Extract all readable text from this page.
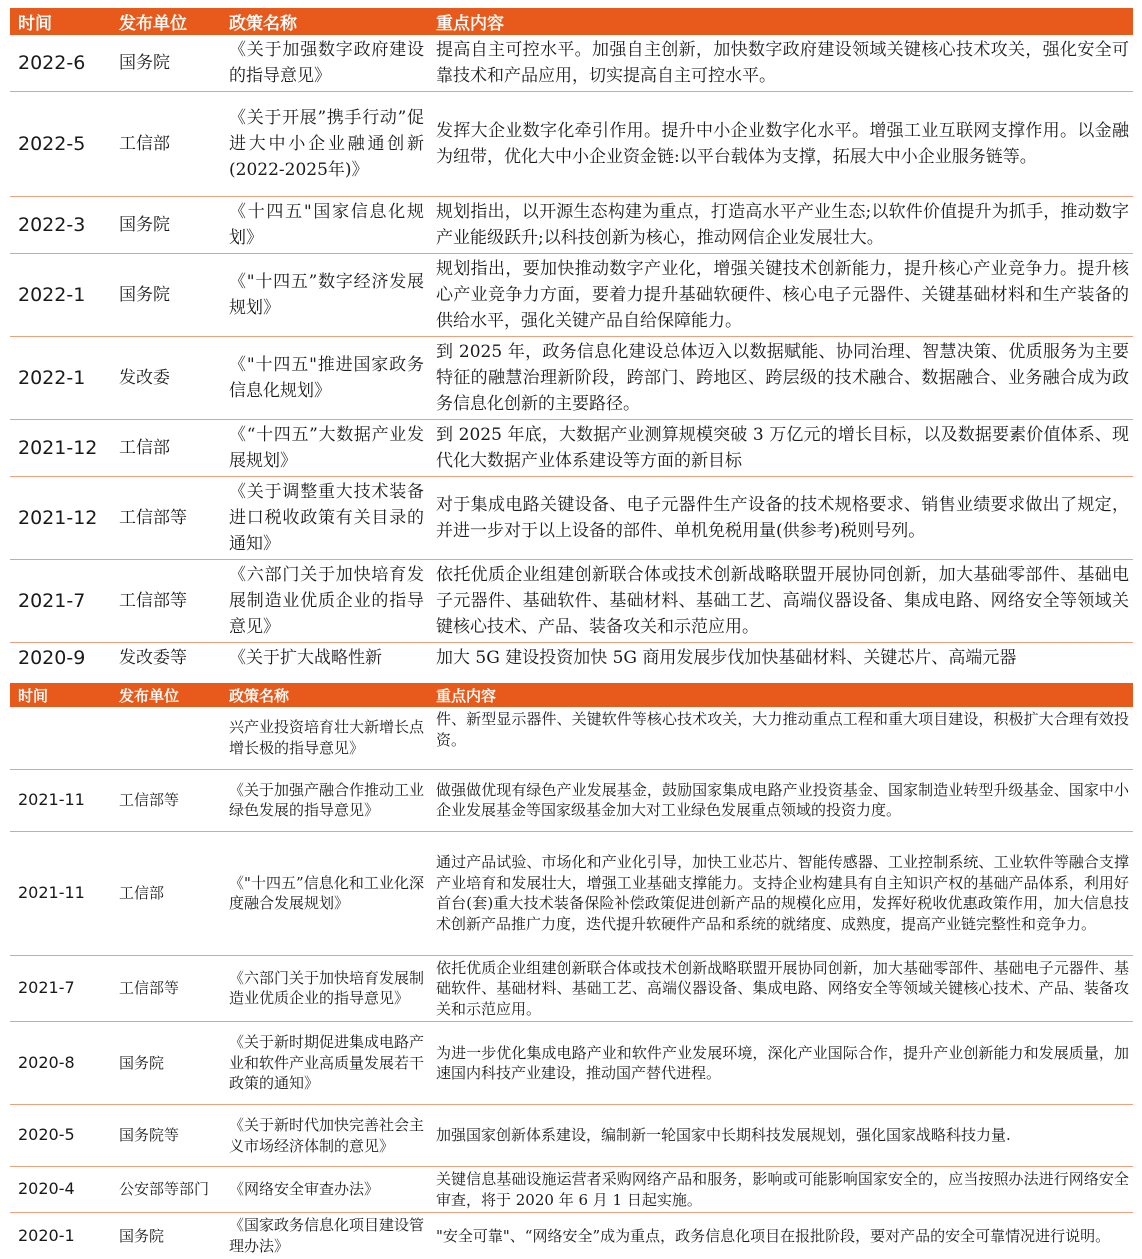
时间	发布单位	政策名称	重点内容
2022-6	国务院	《关于加强数字政府建设的指导意见》	提高自主可控水平。加强自主创新，加快数字政府建设领域关键核心技术攻关，强化安全可靠技术和产品应用，切实提高自主可控水平。
2022-5	工信部	《关于开展”携手行动”促进大中小企业融通创新(2022-2025年)》	发挥大企业数字化牵引作用。提升中小企业数字化水平。增强工业互联网支撑作用。以金融为纽带，优化大中小企业资金链:以平台载体为支撑，拓展大中小企业服务链等。
2022-3	国务院	《十四五"国家信息化规划》	规划指出，以开源生态构建为重点，打造高水平产业生态;以软件价值提升为抓手，推动数字产业能级跃升;以科技创新为核心，推动网信企业发展壮大。
2022-1	国务院	《"十四五”数字经济发展规划》	规划指出，要加快推动数字产业化，增强关键技术创新能力，提升核心产业竞争力。提升核心产业竞争力方面，要着力提升基础软硬件、核心电子元器件、关键基础材料和生产装备的供给水平，强化关键产品自给保障能力。
2022-1	发改委	《"十四五"推进国家政务信息化规划》	到 2025 年，政务信息化建设总体迈入以数据赋能、协同治理、智慧决策、优质服务为主要特征的融慧治理新阶段，跨部门、跨地区、跨层级的技术融合、数据融合、业务融合成为政务信息化创新的主要路径。
2021-12	工信部	《“十四五”大数据产业发展规划》	到 2025 年底，大数据产业测算规模突破 3 万亿元的增长目标，以及数据要素价值体系、现代化大数据产业体系建设等方面的新目标
2021-12	工信部等	《关于调整重大技术装备进口税收政策有关目录的通知》	对于集成电路关键设备、电子元器件生产设备的技术规格要求、销售业绩要求做出了规定，并进一步对于以上设备的部件、单机免税用量(供参考)税则号列。
2021-7	工信部等	《六部门关于加快培育发展制造业优质企业的指导意见》	依托优质企业组建创新联合体或技术创新战略联盟开展协同创新，加大基础零部件、基础电子元器件、基础软件、基础材料、基础工艺、高端仪器设备、集成电路、网络安全等领域关键核心技术、产品、装备攻关和示范应用。
2020-9	发改委等	《关于扩大战略性新	加大 5G 建设投资加快 5G 商用发展步伐加快基础材料、关键芯片、高端元器
时间	发布单位	政策名称	重点内容
		兴产业投资培育壮大新增长点增长极的指导意见》	件、新型显示器件、关键软件等核心技术攻关，大力推动重点工程和重大项目建设，积极扩大合理有效投资。
2021-11	工信部等	《关于加强产融合作推动工业绿色发展的指导意见》	做强做优现有绿色产业发展基金，鼓励国家集成电路产业投资基金、国家制造业转型升级基金、国家中小企业发展基金等国家级基金加大对工业绿色发展重点领域的投资力度。
2021-11	工信部	《"十四五”信息化和工业化深度融合发展规划》	通过产品试验、市场化和产业化引导，加快工业芯片、智能传感器、工业控制系统、工业软件等融合支撑产业培育和发展壮大，增强工业基础支撑能力。支持企业构建具有自主知识产权的基础产品体系，利用好首台(套)重大技术装备保险补偿政策促进创新产品的规模化应用，发挥好税收优惠政策作用，加大信息技术创新产品推广力度，迭代提升软硬件产品和系统的就绪度、成熟度，提高产业链完整性和竞争力。
2021-7	工信部等	《六部门关于加快培育发展制造业优质企业的指导意见》	依托优质企业组建创新联合体或技术创新战略联盟开展协同创新，加大基础零部件、基础电子元器件、基础软件、基础材料、基础工艺、高端仪器设备、集成电路、网络安全等领域关键核心技术、产品、装备攻关和示范应用。
2020-8	国务院	《关于新时期促进集成电路产业和软件产业高质量发展若干政策的通知》	为进一步优化集成电路产业和软件产业发展环境，深化产业国际合作，提升产业创新能力和发展质量，加速国内科技产业建设，推动国产替代进程。
2020-5	国务院等	《关于新时代加快完善社会主义市场经济体制的意见》	加强国家创新体系建设，编制新一轮国家中长期科技发展规划，强化国家战略科技力量.
2020-4	公安部等部门	《网络安全审查办法》	关键信息基础设施运营者采购网络产品和服务，影响或可能影响国家安全的，应当按照办法进行网络安全审查，将于 2020 年 6 月 1 日起实施。
2020-1	国务院	《国家政务信息化项目建设管理办法》	"安全可靠"、“网络安全”成为重点，政务信息化项目在报批阶段，要对产品的安全可靠情况进行说明。
